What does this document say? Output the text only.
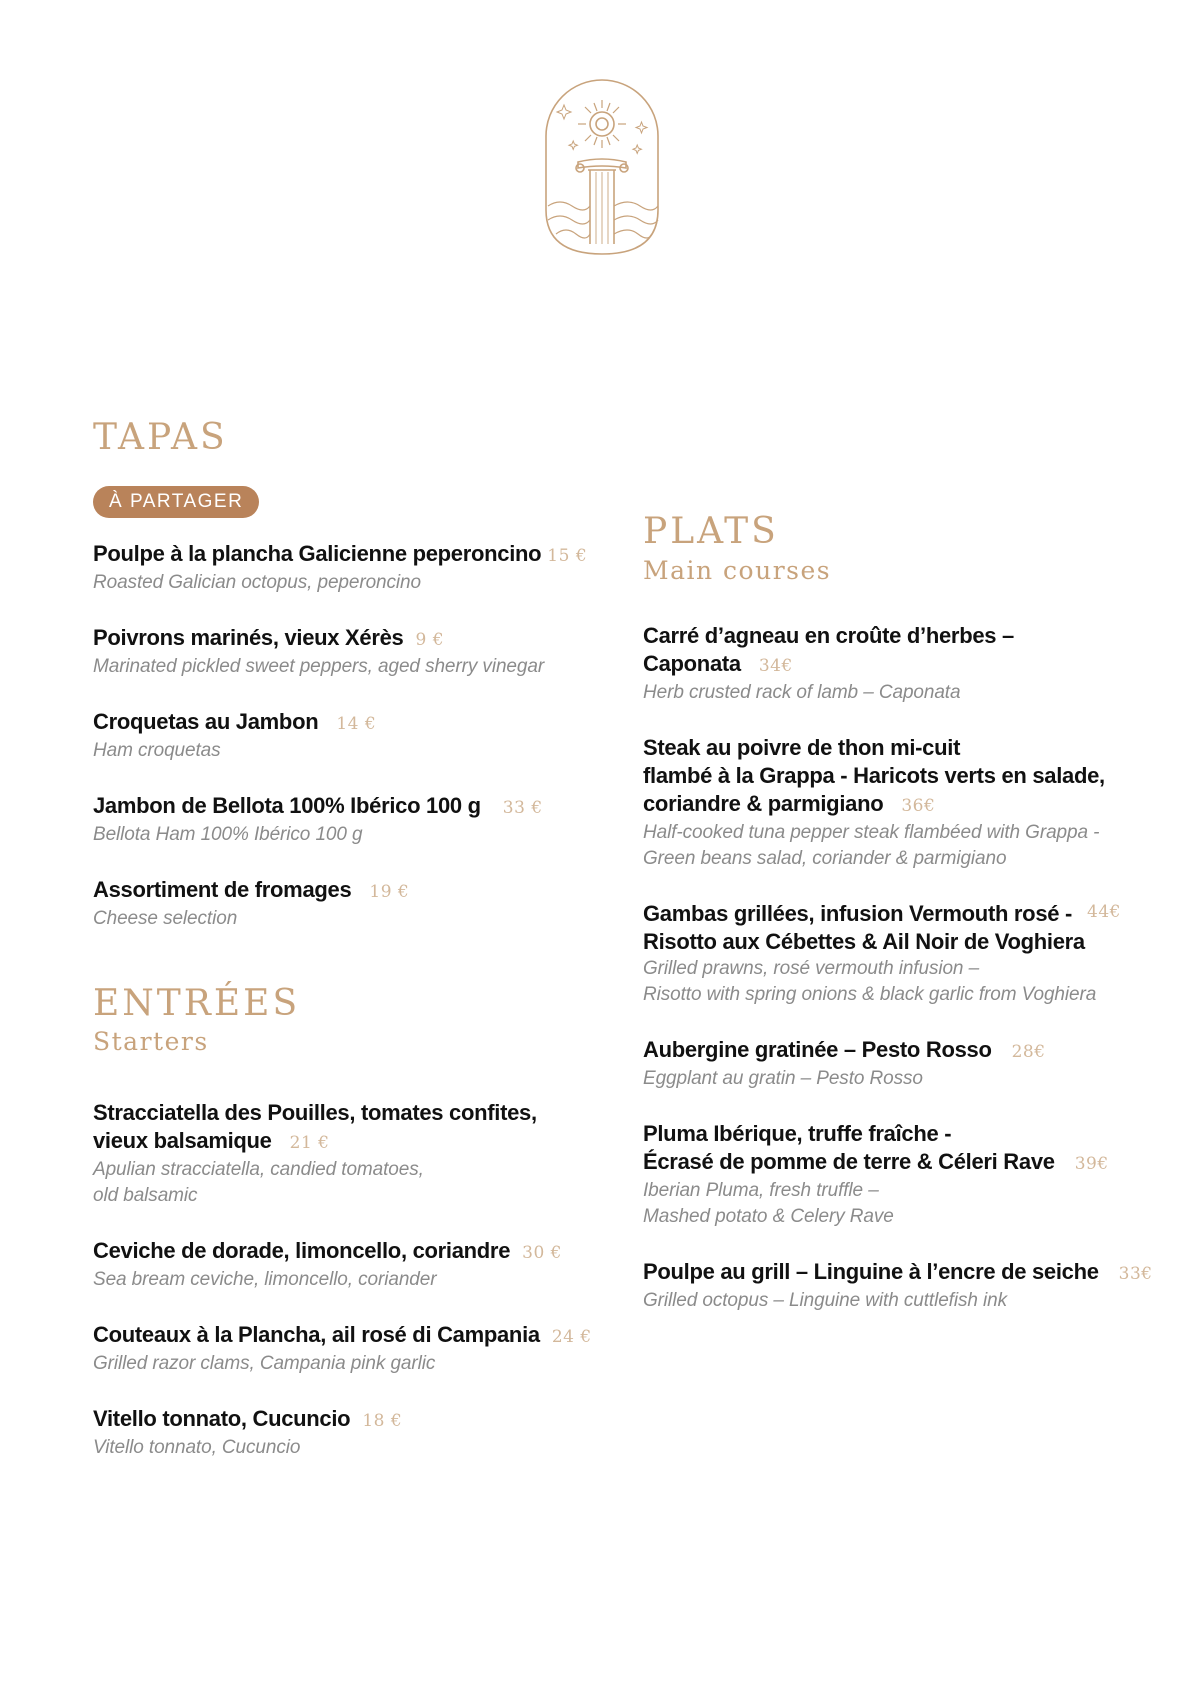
TAPAS
À PARTAGER
Poulpe à la plancha Galicienne peperoncino 15 €
Roasted Galician octopus, peperoncino
Poivrons marinés, vieux Xérès 9 €
Marinated pickled sweet peppers, aged sherry vinegar
Croquetas au Jambon 14 €
Ham croquetas
Jambon de Bellota 100% Ibérico 100 g 33 €
Bellota Ham 100% Ibérico 100 g
Assortiment de fromages 19 €
Cheese selection
ENTRÉES
Starters
Stracciatella des Pouilles, tomates confites,
vieux balsamique 21 €
Apulian stracciatella, candied tomatoes,
old balsamic
Ceviche de dorade, limoncello, coriandre 30 €
Sea bream ceviche, limoncello, coriander
Couteaux à la Plancha, ail rosé di Campania 24 €
Grilled razor clams, Campania pink garlic
Vitello tonnato, Cucuncio 18 €
Vitello tonnato, Cucuncio
PLATS
Main courses
Carré d’agneau en croûte d’herbes –
Caponata 34€
Herb crusted rack of lamb – Caponata
Steak au poivre de thon mi-cuit
flambé à la Grappa - Haricots verts en salade,
coriandre & parmigiano 36€
Half-cooked tuna pepper steak flambéed with Grappa -
Green beans salad, coriander & parmigiano
Gambas grillées, infusion Vermouth rosé -
Risotto aux Cébettes & Ail Noir de Voghiera
44€
Grilled prawns, rosé vermouth infusion –
Risotto with spring onions & black garlic from Voghiera
Aubergine gratinée – Pesto Rosso 28€
Eggplant au gratin – Pesto Rosso
Pluma Ibérique, truffe fraîche -
Écrasé de pomme de terre & Céleri Rave 39€
Iberian Pluma, fresh truffle –
Mashed potato & Celery Rave
Poulpe au grill – Linguine à l’encre de seiche 33€
Grilled octopus – Linguine with cuttlefish ink
